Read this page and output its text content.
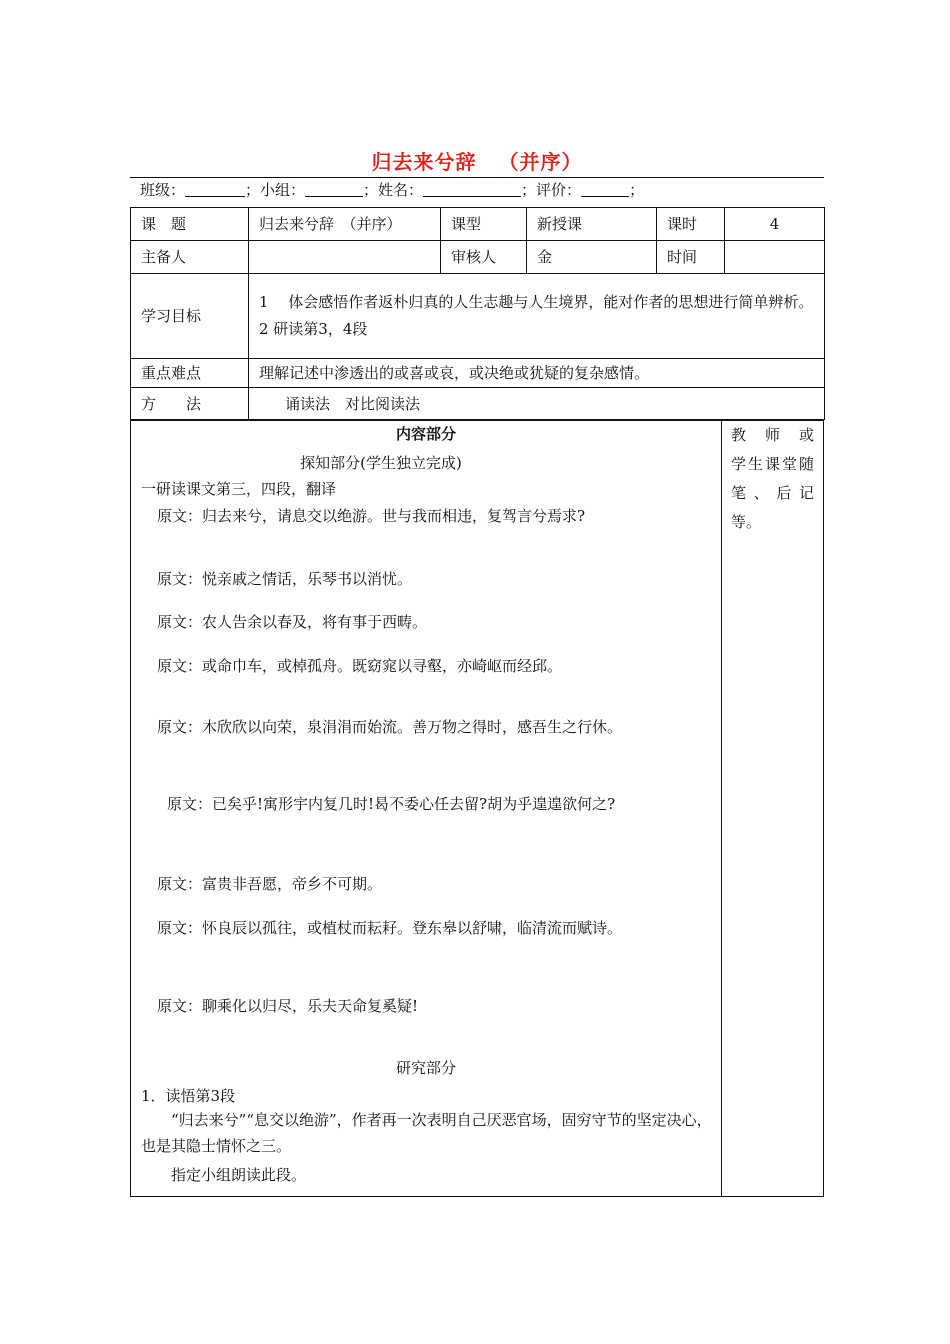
归去来兮辞 （并序）
班级：	；小组：	；姓名：	；评价：	；
课　题	归去来兮辞　（并序）	课型	新授课	课时	4
主备人		审核人	金	时间	
学习目标	1　 体会感悟作者返朴归真的人生志趣与人生境界，能对作者的思想进行简单辨析。
2 研读第3，4段				

重点难点	理解记述中渗透出的或喜或哀，或决绝或犹疑的复杂感情。				
方　　法	诵读法　对比阅读法				
内容部分
探知部分(学生独立完成)
一研读课文第三，四段，翻译
原文：归去来兮，请息交以绝游。世与我而相违，复驾言兮焉求?
原文：悦亲戚之情话，乐琴书以消忧。
原文：农人告余以春及，将有事于西畴。
原文：或命巾车，或棹孤舟。既窈窕以寻壑，亦崎岖而经邱。
原文：木欣欣以向荣，泉涓涓而始流。善万物之得时，感吾生之行休。
原文：已矣乎!寓形宇内复几时!曷不委心任去留?胡为乎遑遑欲何之?
原文：富贵非吾愿，帝乡不可期。
原文：怀良辰以孤往，或植杖而耘耔。登东皋以舒啸，临清流而赋诗。
原文：聊乘化以归尽，乐夫天命复奚疑!
研究部分
1．读悟第3段
“归去来兮”“息交以绝游”，作者再一次表明自己厌恶官场，固穷守节的坚定决心，也是其隐士情怀之三。
指定小组朗读此段。

教 师 或

学生课堂随

笔 、 后 记

等。
